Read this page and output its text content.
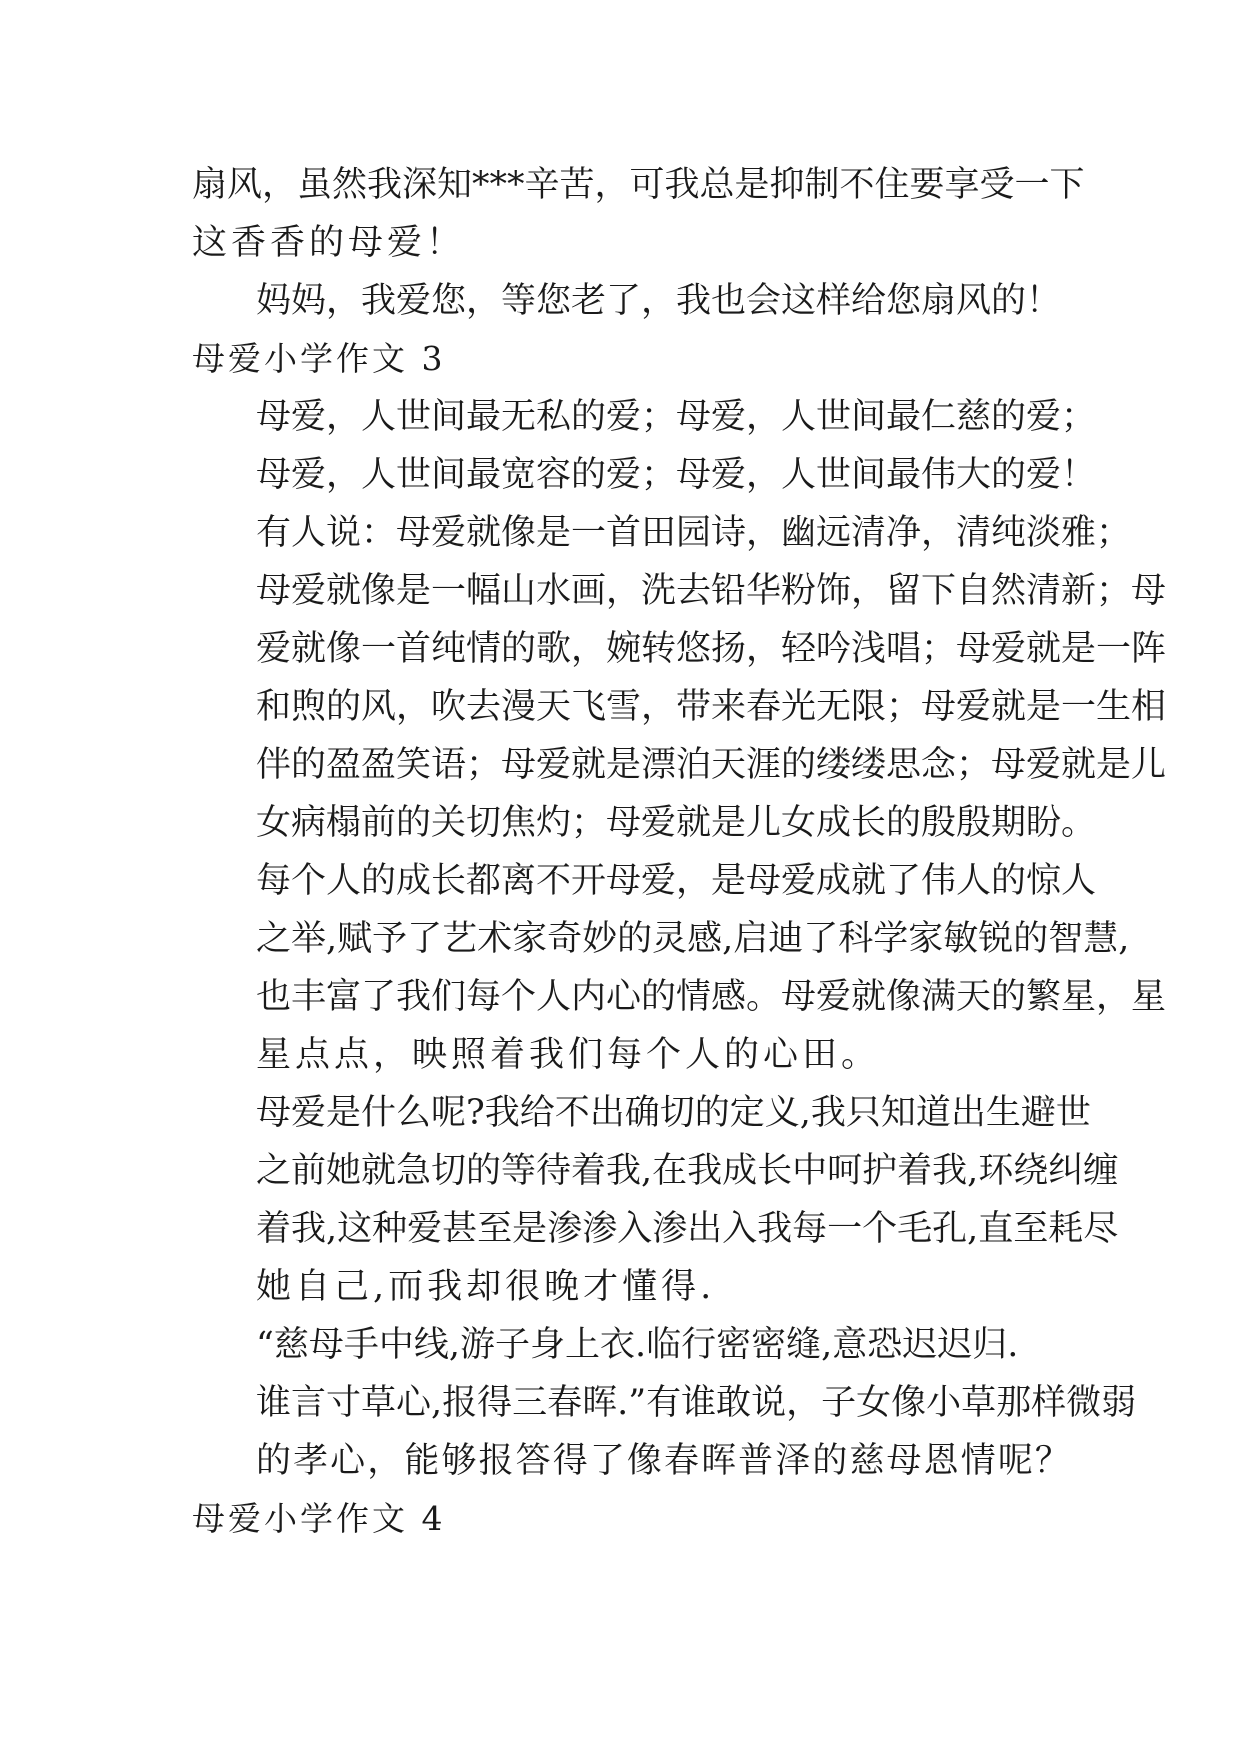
扇风，虽然我深知***辛苦，可我总是抑制不住要享受一下
这香香的母爱！
妈妈，我爱您，等您老了，我也会这样给您扇风的！
母爱小学作文 3
母爱，人世间最无私的爱；母爱，人世间最仁慈的爱；
母爱，人世间最宽容的爱；母爱，人世间最伟大的爱！
有人说：母爱就像是一首田园诗，幽远清净，清纯淡雅；
母爱就像是一幅山水画，洗去铅华粉饰，留下自然清新；母
爱就像一首纯情的歌，婉转悠扬，轻吟浅唱；母爱就是一阵
和煦的风，吹去漫天飞雪，带来春光无限；母爱就是一生相
伴的盈盈笑语；母爱就是漂泊天涯的缕缕思念；母爱就是儿
女病榻前的关切焦灼；母爱就是儿女成长的殷殷期盼。
每个人的成长都离不开母爱，是母爱成就了伟人的惊人
之举,赋予了艺术家奇妙的灵感,启迪了科学家敏锐的智慧,
也丰富了我们每个人内心的情感。母爱就像满天的繁星，星
星点点，映照着我们每个人的心田。
母爱是什么呢?我给不出确切的定义,我只知道出生避世
之前她就急切的等待着我,在我成长中呵护着我,环绕纠缠
着我,这种爱甚至是渗渗入渗出入我每一个毛孔,直至耗尽
她自己,而我却很晚才懂得.
“慈母手中线,游子身上衣.临行密密缝,意恐迟迟归.
谁言寸草心,报得三春晖.”有谁敢说，子女像小草那样微弱
的孝心，能够报答得了像春晖普泽的慈母恩情呢？
母爱小学作文 4
